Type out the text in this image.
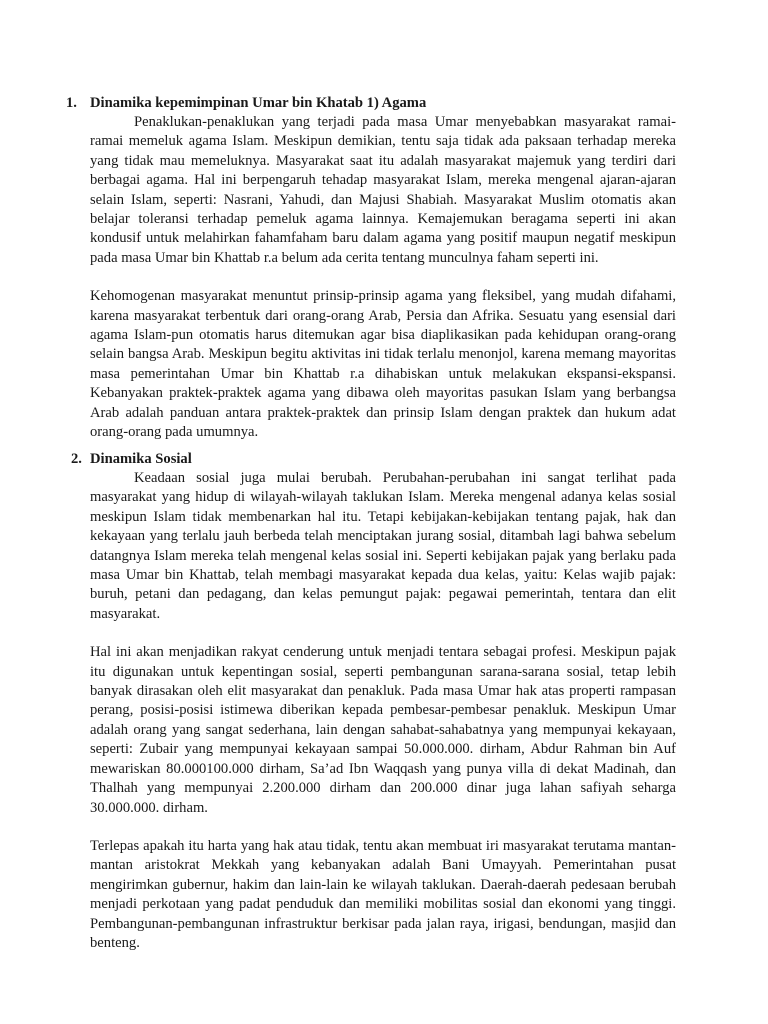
1. Dinamika kepemimpinan Umar bin Khatab 1) Agama

Penaklukan-penaklukan yang terjadi pada masa Umar menyebabkan masyarakat ramai-ramai memeluk agama Islam. Meskipun demikian, tentu saja tidak ada paksaan terhadap mereka yang tidak mau memeluknya. Masyarakat saat itu adalah masyarakat majemuk yang terdiri dari berbagai agama. Hal ini berpengaruh tehadap masyarakat Islam, mereka mengenal ajaran-ajaran selain Islam, seperti: Nasrani, Yahudi, dan Majusi Shabiah. Masyarakat Muslim otomatis akan belajar toleransi terhadap pemeluk agama lainnya. Kemajemukan beragama seperti ini akan kondusif untuk melahirkan fahamfaham baru dalam agama yang positif maupun negatif meskipun pada masa Umar bin Khattab r.a belum ada cerita tentang munculnya faham seperti ini.

Kehomogenan masyarakat menuntut prinsip-prinsip agama yang fleksibel, yang mudah difahami, karena masyarakat terbentuk dari orang-orang Arab, Persia dan Afrika. Sesuatu yang esensial dari agama Islam-pun otomatis harus ditemukan agar bisa diaplikasikan pada kehidupan orang-orang selain bangsa Arab. Meskipun begitu aktivitas ini tidak terlalu menonjol, karena memang mayoritas masa pemerintahan Umar bin Khattab r.a dihabiskan untuk melakukan ekspansi-ekspansi. Kebanyakan praktek-praktek agama yang dibawa oleh mayoritas pasukan Islam yang berbangsa Arab adalah panduan antara praktek-praktek dan prinsip Islam dengan praktek dan hukum adat orang-orang pada umumnya.

2. Dinamika Sosial

Keadaan sosial juga mulai berubah. Perubahan-perubahan ini sangat terlihat pada masyarakat yang hidup di wilayah-wilayah taklukan Islam. Mereka mengenal adanya kelas sosial meskipun Islam tidak membenarkan hal itu. Tetapi kebijakan-kebijakan tentang pajak, hak dan kekayaan yang terlalu jauh berbeda telah menciptakan jurang sosial, ditambah lagi bahwa sebelum datangnya Islam mereka telah mengenal kelas sosial ini. Seperti kebijakan pajak yang berlaku pada masa Umar bin Khattab, telah membagi masyarakat kepada dua kelas, yaitu: Kelas wajib pajak: buruh, petani dan pedagang, dan kelas pemungut pajak: pegawai pemerintah, tentara dan elit masyarakat.

Hal ini akan menjadikan rakyat cenderung untuk menjadi tentara sebagai profesi. Meskipun pajak itu digunakan untuk kepentingan sosial, seperti pembangunan sarana-sarana sosial, tetap lebih banyak dirasakan oleh elit masyarakat dan penakluk. Pada masa Umar hak atas properti rampasan perang, posisi-posisi istimewa diberikan kepada pembesar-pembesar penakluk. Meskipun Umar adalah orang yang sangat sederhana, lain dengan sahabat-sahabatnya yang mempunyai kekayaan, seperti: Zubair yang mempunyai kekayaan sampai 50.000.000. dirham, Abdur Rahman bin Auf mewariskan 80.000100.000 dirham, Sa’ad Ibn Waqqash yang punya villa di dekat Madinah, dan Thalhah yang mempunyai 2.200.000 dirham dan 200.000 dinar juga lahan safiyah seharga 30.000.000. dirham.

Terlepas apakah itu harta yang hak atau tidak, tentu akan membuat iri masyarakat terutama mantan-mantan aristokrat Mekkah yang kebanyakan adalah Bani Umayyah. Pemerintahan pusat mengirimkan gubernur, hakim dan lain-lain ke wilayah taklukan. Daerah-daerah pedesaan berubah menjadi perkotaan yang padat penduduk dan memiliki mobilitas sosial dan ekonomi yang tinggi. Pembangunan-pembangunan infrastruktur berkisar pada jalan raya, irigasi, bendungan, masjid dan benteng.
